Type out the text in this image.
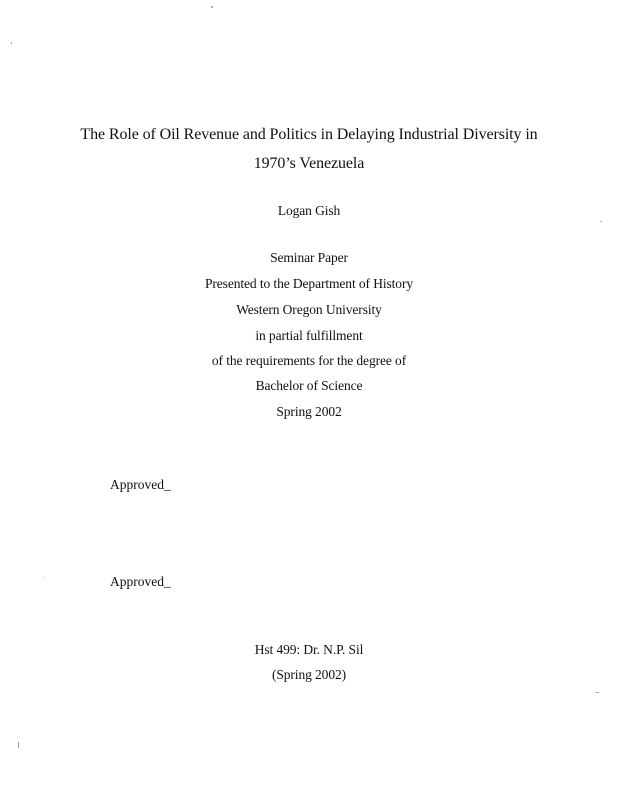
The Role of Oil Revenue and Politics in Delaying Industrial Diversity in
1970’s Venezuela
Logan Gish
Seminar Paper
Presented to the Department of History
Western Oregon University
in partial fulfillment
of the requirements for the degree of
Bachelor of Science
Spring 2002
Approved_
Approved_
Hst 499: Dr. N.P. Sil
(Spring 2002)
